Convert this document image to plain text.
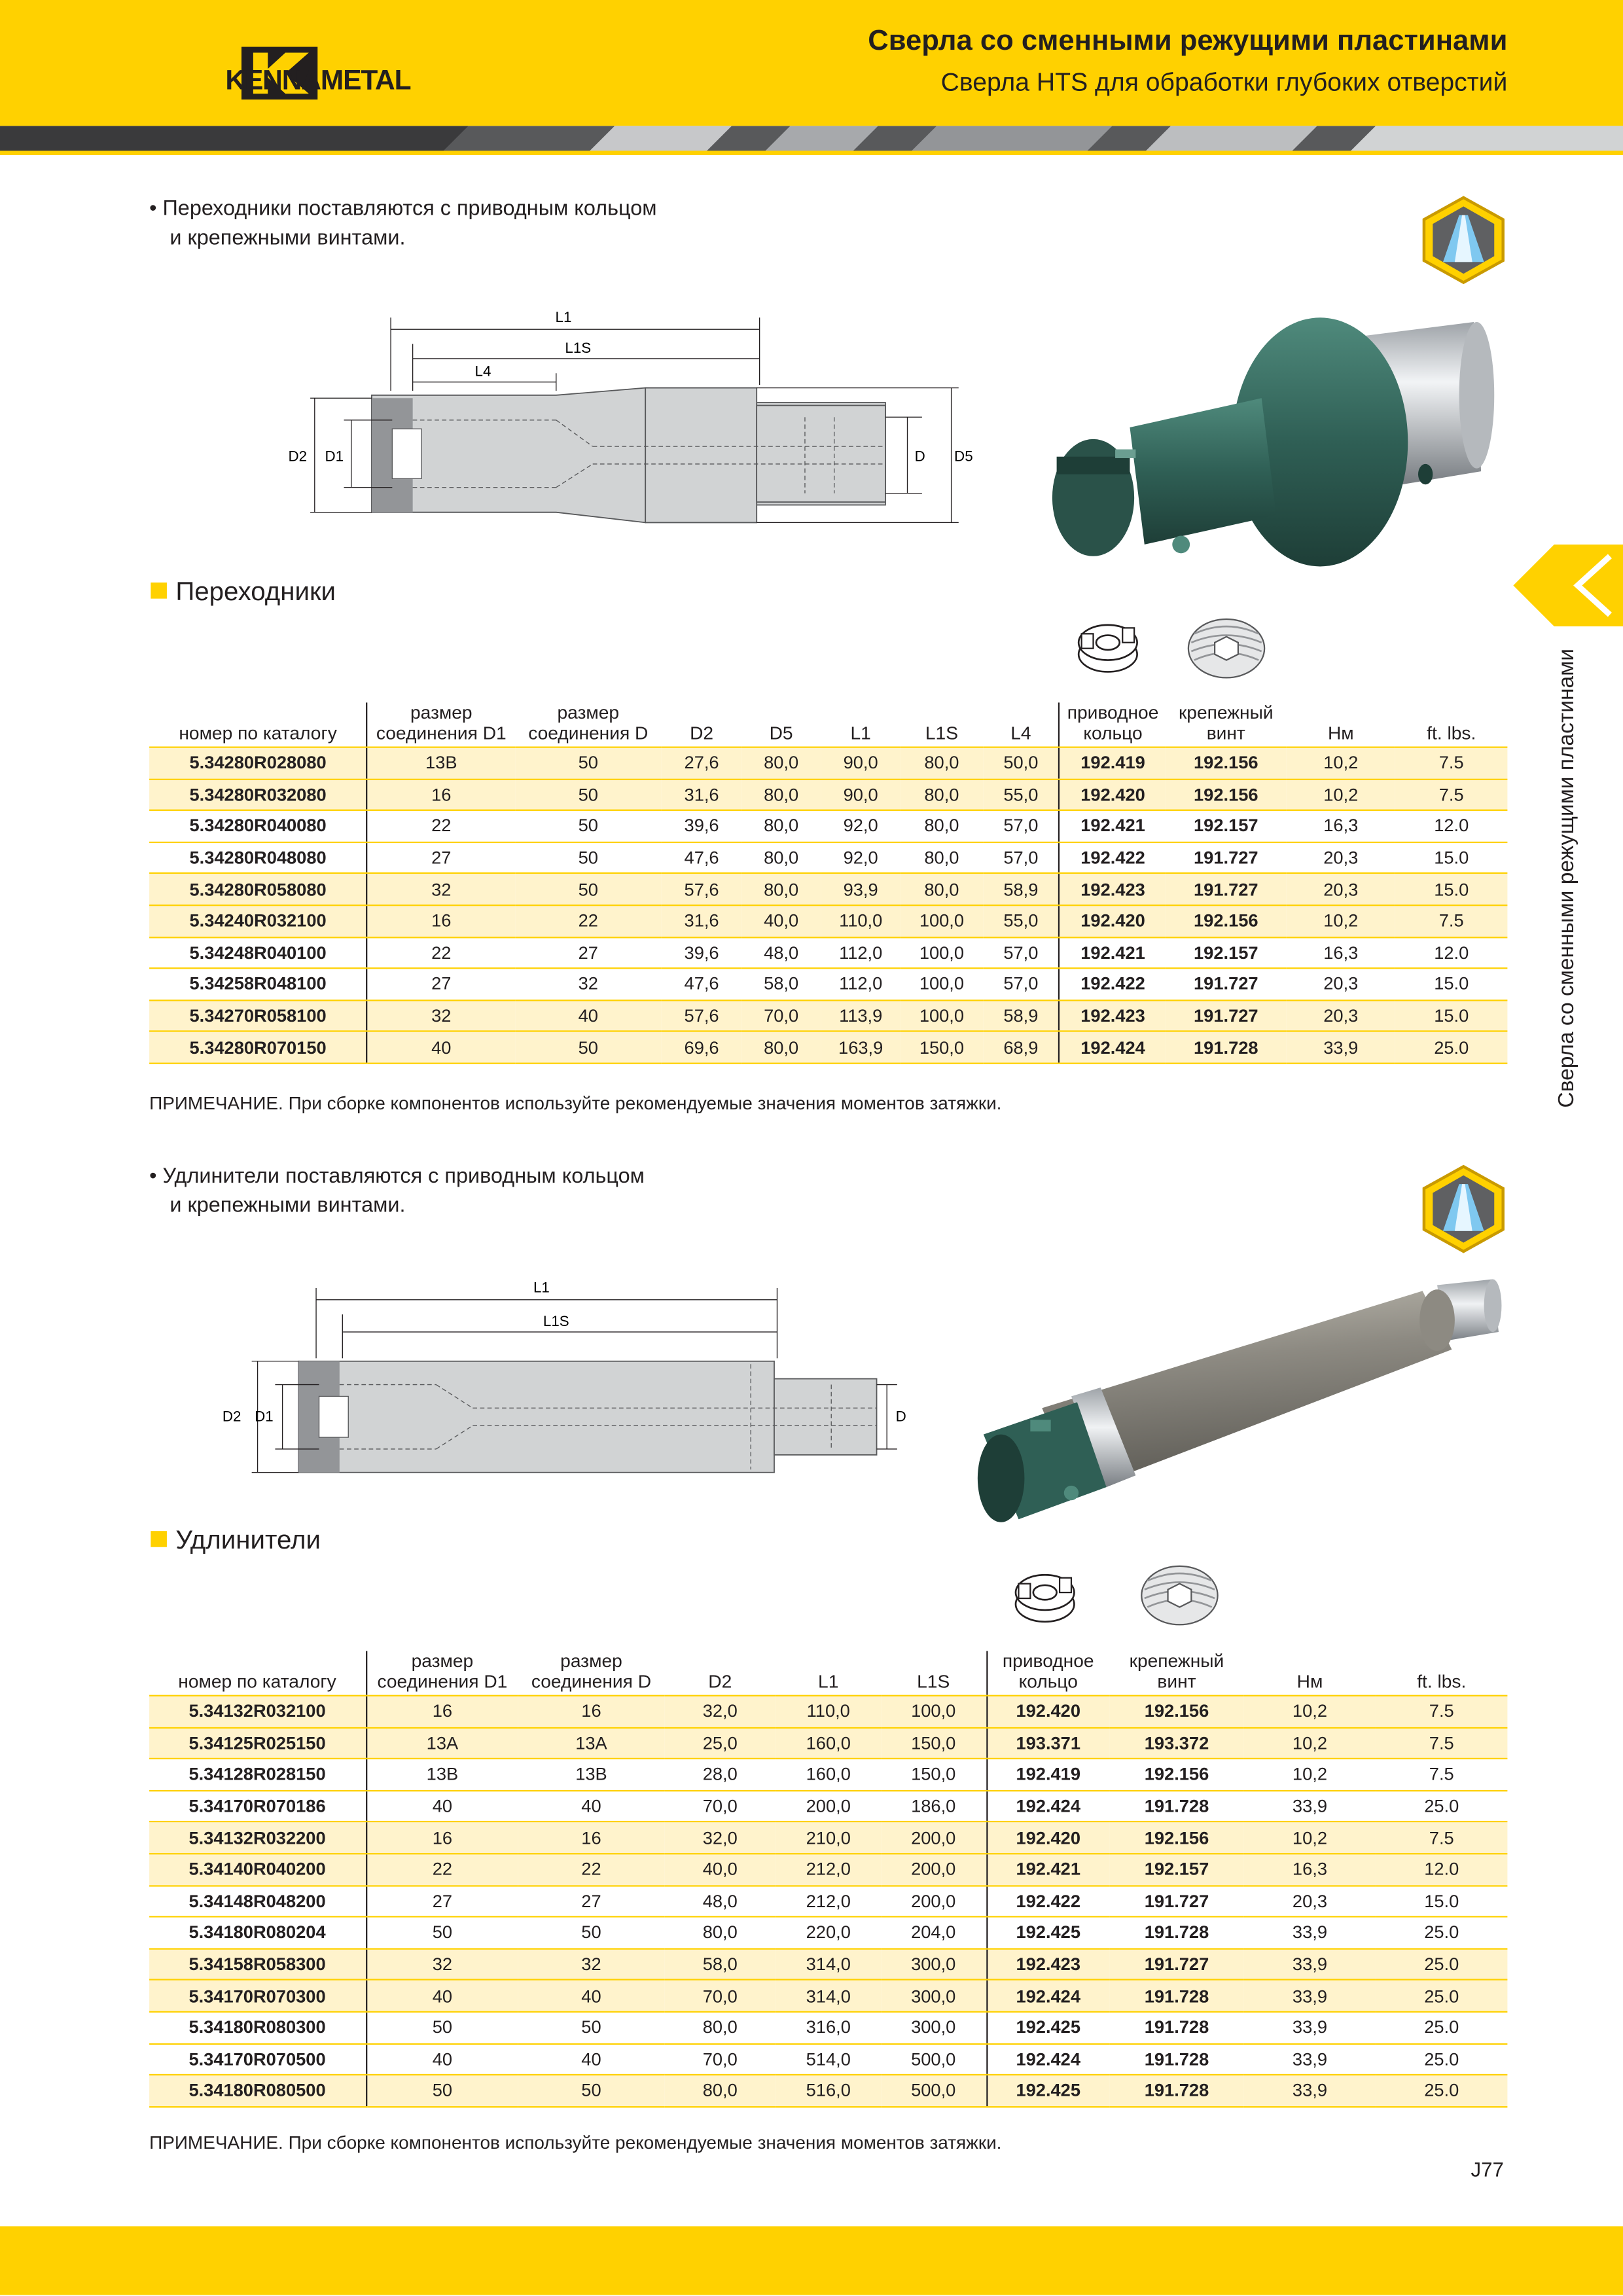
KENNAMETAL
Сверла со сменными режущими пластинами
Сверла HTS для обработки глубоких отверстий
Сверла со сменными режущими пластинами
• Переходники поставляются с приводным кольцом
и крепежными винтами.
L1
L1S
L4
D2	D1	D	D5
Переходники
номер по каталогу	размер соединения D1	размер соединения D	D2	D5	L1	L1S	L4	приводное кольцо	крепежный винт	Нм	ft. lbs.
5.34280R028080	13B	50	27,6	80,0	90,0	80,0	50,0	192.419	192.156	10,2	7.5
5.34280R032080	16	50	31,6	80,0	90,0	80,0	55,0	192.420	192.156	10,2	7.5
5.34280R040080	22	50	39,6	80,0	92,0	80,0	57,0	192.421	192.157	16,3	12.0
5.34280R048080	27	50	47,6	80,0	92,0	80,0	57,0	192.422	191.727	20,3	15.0
5.34280R058080	32	50	57,6	80,0	93,9	80,0	58,9	192.423	191.727	20,3	15.0
5.34240R032100	16	22	31,6	40,0	110,0	100,0	55,0	192.420	192.156	10,2	7.5
5.34248R040100	22	27	39,6	48,0	112,0	100,0	57,0	192.421	192.157	16,3	12.0
5.34258R048100	27	32	47,6	58,0	112,0	100,0	57,0	192.422	191.727	20,3	15.0
5.34270R058100	32	40	57,6	70,0	113,9	100,0	58,9	192.423	191.727	20,3	15.0
5.34280R070150	40	50	69,6	80,0	163,9	150,0	68,9	192.424	191.728	33,9	25.0
ПРИМЕЧАНИЕ. При сборке компонентов используйте рекомендуемые значения моментов затяжки.
• Удлинители поставляются с приводным кольцом
и крепежными винтами.
L1
L1S
D2 D1	D
Удлинители
номер по каталогу	размер соединения D1	размер соединения D	D2	L1	L1S	приводное кольцо	крепежный винт	Нм	ft. lbs.
5.34132R032100	16	16	32,0	110,0	100,0	192.420	192.156	10,2	7.5
5.34125R025150	13A	13A	25,0	160,0	150,0	193.371	193.372	10,2	7.5
5.34128R028150	13B	13B	28,0	160,0	150,0	192.419	192.156	10,2	7.5
5.34170R070186	40	40	70,0	200,0	186,0	192.424	191.728	33,9	25.0
5.34132R032200	16	16	32,0	210,0	200,0	192.420	192.156	10,2	7.5
5.34140R040200	22	22	40,0	212,0	200,0	192.421	192.157	16,3	12.0
5.34148R048200	27	27	48,0	212,0	200,0	192.422	191.727	20,3	15.0
5.34180R080204	50	50	80,0	220,0	204,0	192.425	191.728	33,9	25.0
5.34158R058300	32	32	58,0	314,0	300,0	192.423	191.727	33,9	25.0
5.34170R070300	40	40	70,0	314,0	300,0	192.424	191.728	33,9	25.0
5.34180R080300	50	50	80,0	316,0	300,0	192.425	191.728	33,9	25.0
5.34170R070500	40	40	70,0	514,0	500,0	192.424	191.728	33,9	25.0
5.34180R080500	50	50	80,0	516,0	500,0	192.425	191.728	33,9	25.0
ПРИМЕЧАНИЕ. При сборке компонентов используйте рекомендуемые значения моментов затяжки.
J77
